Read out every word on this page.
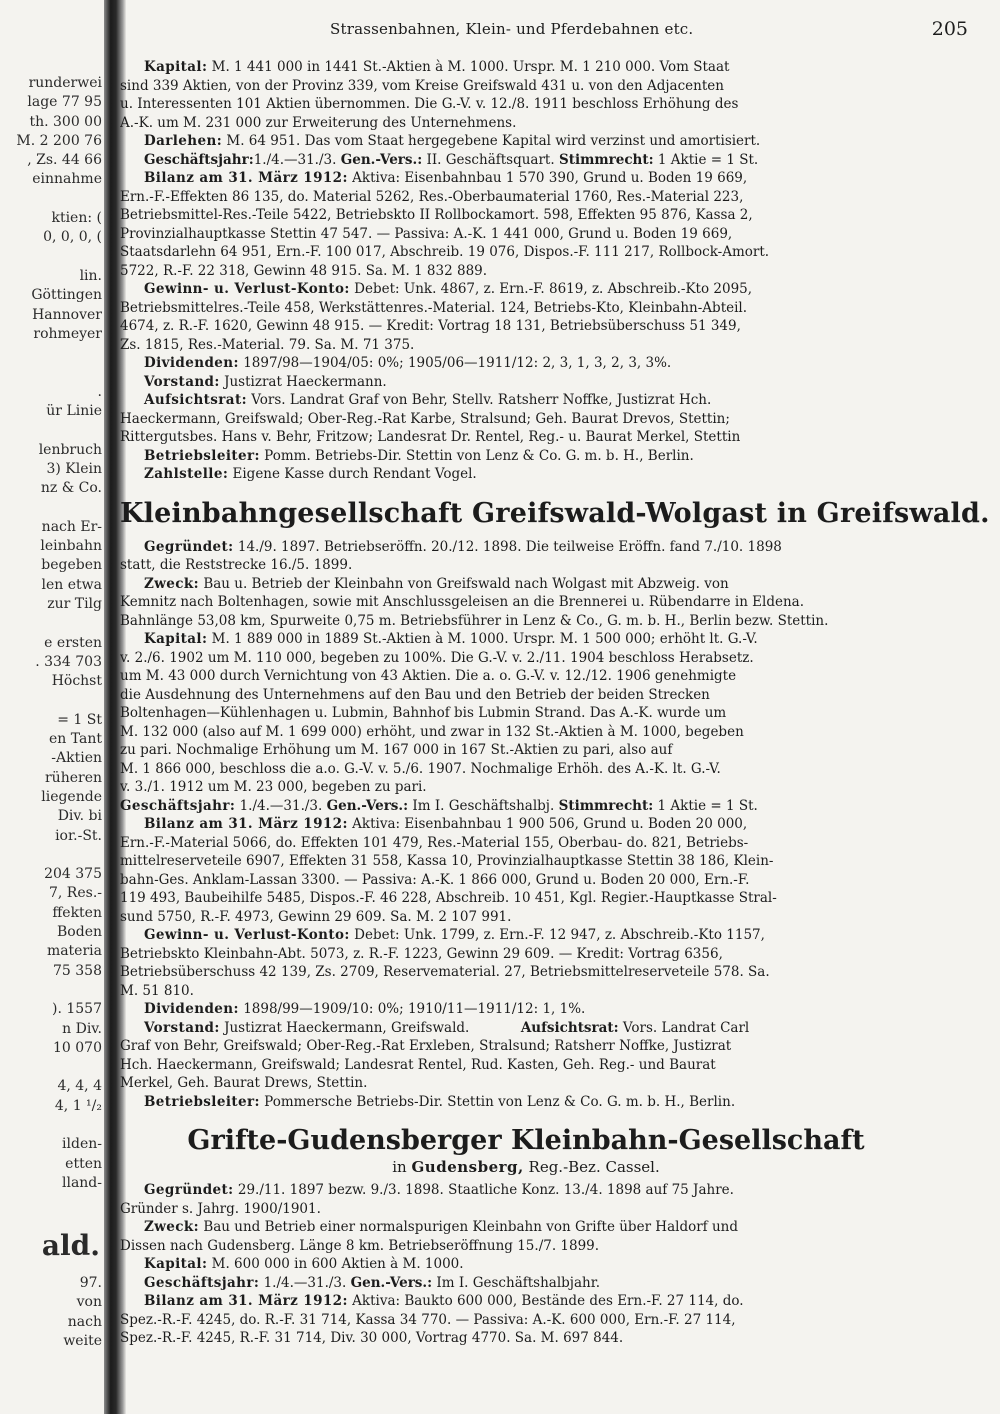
runderwei
lage 77 95
th. 300 00
M. 2 200 76
, Zs. 44 66
einnahme

ktien: (
0, 0, 0, (

lin.
Göttingen
Hannover
rohmeyer

.
ür Linie

lenbruch
3) Klein
nz & Co.

nach Er-
leinbahn
begeben
len etwa
zur Tilg

e ersten
. 334 703
Höchst

= 1 St
en Tant
-Aktien
rüheren
liegende
Div. bi
ior.-St.

204 375
7, Res.-
ffekten
Boden
materia
75 358

). 1557
n Div.
10 070

4, 4, 4
4, 1 ¹/₂

ilden-
etten
lland-
ald.
97.
von
nach
weite
Strassenbahnen, Klein- und Pferdebahnen etc.	205
Kapital: M. 1 441 000 in 1441 St.-Aktien à M. 1000. Urspr. M. 1 210 000. Vom Staat
sind 339 Aktien, von der Provinz 339, vom Kreise Greifswald 431 u. von den Adjacenten
u. Interessenten 101 Aktien übernommen. Die G.-V. v. 12./8. 1911 beschloss Erhöhung des
A.-K. um M. 231 000 zur Erweiterung des Unternehmens.
Darlehen: M. 64 951. Das vom Staat hergegebene Kapital wird verzinst und amortisiert.
Geschäftsjahr:1./4.—31./3. Gen.-Vers.: II. Geschäftsquart. Stimmrecht: 1 Aktie = 1 St.
Bilanz am 31. März 1912: Aktiva: Eisenbahnbau 1 570 390, Grund u. Boden 19 669,
Ern.-F.-Effekten 86 135, do. Material 5262, Res.-Oberbaumaterial 1760, Res.-Material 223,
Betriebsmittel-Res.-Teile 5422, Betriebskto II Rollbockamort. 598, Effekten 95 876, Kassa 2,
Provinzialhauptkasse Stettin 47 547. — Passiva: A.-K. 1 441 000, Grund u. Boden 19 669,
Staatsdarlehn 64 951, Ern.-F. 100 017, Abschreib. 19 076, Dispos.-F. 111 217, Rollbock-Amort.
5722, R.-F. 22 318, Gewinn 48 915. Sa. M. 1 832 889.
Gewinn- u. Verlust-Konto: Debet: Unk. 4867, z. Ern.-F. 8619, z. Abschreib.-Kto 2095,
Betriebsmittelres.-Teile 458, Werkstättenres.-Material. 124, Betriebs-Kto, Kleinbahn-Abteil.
4674, z. R.-F. 1620, Gewinn 48 915. — Kredit: Vortrag 18 131, Betriebsüberschuss 51 349,
Zs. 1815, Res.-Material. 79. Sa. M. 71 375.
Dividenden: 1897/98—1904/05: 0%; 1905/06—1911/12: 2, 3, 1, 3, 2, 3, 3%.
Vorstand: Justizrat Haeckermann.
Aufsichtsrat: Vors. Landrat Graf von Behr, Stellv. Ratsherr Noffke, Justizrat Hch.
Haeckermann, Greifswald; Ober-Reg.-Rat Karbe, Stralsund; Geh. Baurat Drevos, Stettin;
Rittergutsbes. Hans v. Behr, Fritzow; Landesrat Dr. Rentel, Reg.- u. Baurat Merkel, Stettin
Betriebsleiter: Pomm. Betriebs-Dir. Stettin von Lenz & Co. G. m. b. H., Berlin.
Zahlstelle: Eigene Kasse durch Rendant Vogel.
Kleinbahngesellschaft Greifswald-Wolgast in Greifswald.
Gegründet: 14./9. 1897. Betriebseröffn. 20./12. 1898. Die teilweise Eröffn. fand 7./10. 1898
statt, die Reststrecke 16./5. 1899.
Zweck: Bau u. Betrieb der Kleinbahn von Greifswald nach Wolgast mit Abzweig. von
Kemnitz nach Boltenhagen, sowie mit Anschlussgeleisen an die Brennerei u. Rübendarre in Eldena.
Bahnlänge 53,08 km, Spurweite 0,75 m. Betriebsführer in Lenz & Co., G. m. b. H., Berlin bezw. Stettin.
Kapital: M. 1 889 000 in 1889 St.-Aktien à M. 1000. Urspr. M. 1 500 000; erhöht lt. G.-V.
v. 2./6. 1902 um M. 110 000, begeben zu 100%. Die G.-V. v. 2./11. 1904 beschloss Herabsetz.
um M. 43 000 durch Vernichtung von 43 Aktien. Die a. o. G.-V. v. 12./12. 1906 genehmigte
die Ausdehnung des Unternehmens auf den Bau und den Betrieb der beiden Strecken
Boltenhagen—Kühlenhagen u. Lubmin, Bahnhof bis Lubmin Strand. Das A.-K. wurde um
M. 132 000 (also auf M. 1 699 000) erhöht, und zwar in 132 St.-Aktien à M. 1000, begeben
zu pari. Nochmalige Erhöhung um M. 167 000 in 167 St.-Aktien zu pari, also auf
M. 1 866 000, beschloss die a.o. G.-V. v. 5./6. 1907. Nochmalige Erhöh. des A.-K. lt. G.-V.
v. 3./1. 1912 um M. 23 000, begeben zu pari.
Geschäftsjahr: 1./4.—31./3. Gen.-Vers.: Im I. Geschäftshalbj. Stimmrecht: 1 Aktie = 1 St.
Bilanz am 31. März 1912: Aktiva: Eisenbahnbau 1 900 506, Grund u. Boden 20 000,
Ern.-F.-Material 5066, do. Effekten 101 479, Res.-Material 155, Oberbau- do. 821, Betriebs-
mittelreserveteile 6907, Effekten 31 558, Kassa 10, Provinzialhauptkasse Stettin 38 186, Klein-
bahn-Ges. Anklam-Lassan 3300. — Passiva: A.-K. 1 866 000, Grund u. Boden 20 000, Ern.-F.
119 493, Baubeihilfe 5485, Dispos.-F. 46 228, Abschreib. 10 451, Kgl. Regier.-Hauptkasse Stral-
sund 5750, R.-F. 4973, Gewinn 29 609. Sa. M. 2 107 991.
Gewinn- u. Verlust-Konto: Debet: Unk. 1799, z. Ern.-F. 12 947, z. Abschreib.-Kto 1157,
Betriebskto Kleinbahn-Abt. 5073, z. R.-F. 1223, Gewinn 29 609. — Kredit: Vortrag 6356,
Betriebsüberschuss 42 139, Zs. 2709, Reservematerial. 27, Betriebsmittelreserveteile 578. Sa.
M. 51 810.
Dividenden: 1898/99—1909/10: 0%; 1910/11—1911/12: 1, 1%.
Vorstand: Justizrat Haeckermann, Greifswald.	Aufsichtsrat: Vors. Landrat Carl
Graf von Behr, Greifswald; Ober-Reg.-Rat Erxleben, Stralsund; Ratsherr Noffke, Justizrat
Hch. Haeckermann, Greifswald; Landesrat Rentel, Rud. Kasten, Geh. Reg.- und Baurat
Merkel, Geh. Baurat Drews, Stettin.
Betriebsleiter: Pommersche Betriebs-Dir. Stettin von Lenz & Co. G. m. b. H., Berlin.
Grifte-Gudensberger Kleinbahn-Gesellschaft
in Gudensberg, Reg.-Bez. Cassel.
Gegründet: 29./11. 1897 bezw. 9./3. 1898. Staatliche Konz. 13./4. 1898 auf 75 Jahre.
Gründer s. Jahrg. 1900/1901.
Zweck: Bau und Betrieb einer normalspurigen Kleinbahn von Grifte über Haldorf und
Dissen nach Gudensberg. Länge 8 km. Betriebseröffnung 15./7. 1899.
Kapital: M. 600 000 in 600 Aktien à M. 1000.
Geschäftsjahr: 1./4.—31./3. Gen.-Vers.: Im I. Geschäftshalbjahr.
Bilanz am 31. März 1912: Aktiva: Baukto 600 000, Bestände des Ern.-F. 27 114, do.
Spez.-R.-F. 4245, do. R.-F. 31 714, Kassa 34 770. — Passiva: A.-K. 600 000, Ern.-F. 27 114,
Spez.-R.-F. 4245, R.-F. 31 714, Div. 30 000, Vortrag 4770. Sa. M. 697 844.
